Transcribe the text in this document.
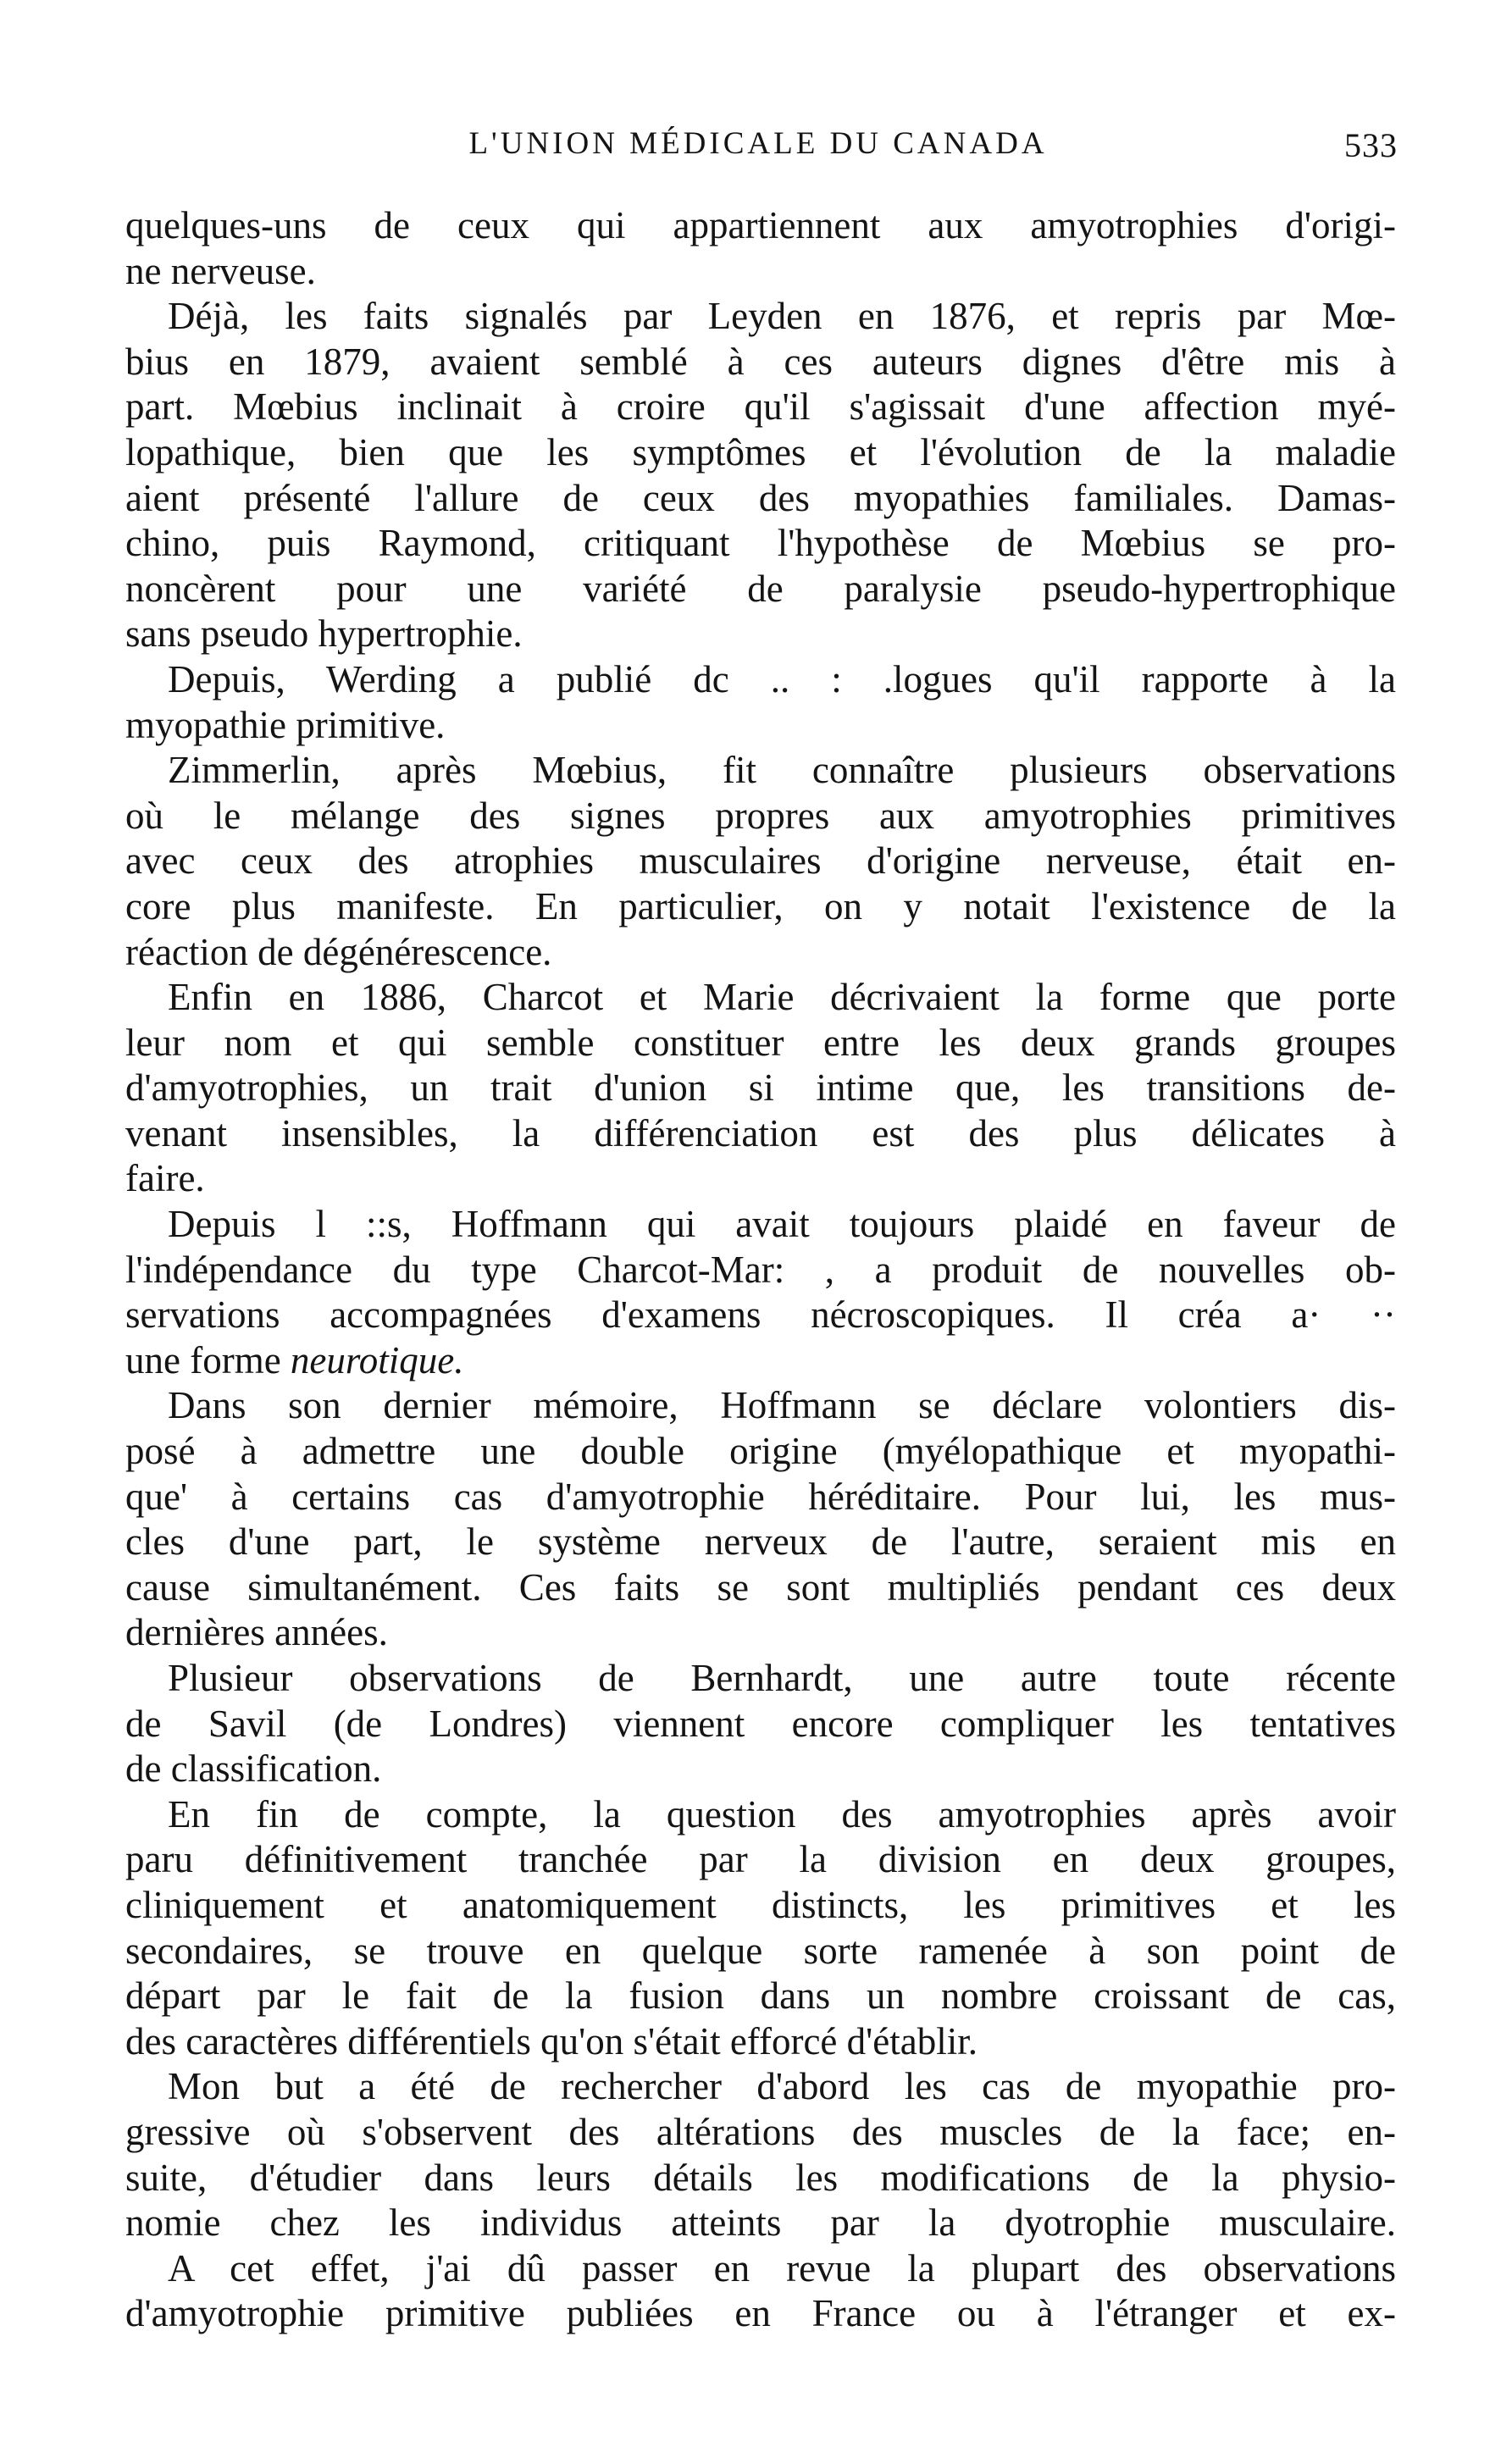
L'UNION MÉDICALE DU CANADA	533
quelques-uns de ceux qui appartiennent aux amyotrophies d'origi-
ne nerveuse.
Déjà, les faits signalés par Leyden en 1876, et repris par Mœ-
bius en 1879, avaient semblé à ces auteurs dignes d'être mis à
part. Mœbius inclinait à croire qu'il s'agissait d'une affection myé-
lopathique, bien que les symptômes et l'évolution de la maladie
aient présenté l'allure de ceux des myopathies familiales. Damas-
chino, puis Raymond, critiquant l'hypothèse de Mœbius se pro-
noncèrent pour une variété de paralysie pseudo-hypertrophique
sans pseudo hypertrophie.
Depuis, Werding a publié dc .. : .logues qu'il rapporte à la
myopathie primitive.
Zimmerlin, après Mœbius, fit connaître plusieurs observations
où le mélange des signes propres aux amyotrophies primitives
avec ceux des atrophies musculaires d'origine nerveuse, était en-
core plus manifeste. En particulier, on y notait l'existence de la
réaction de dégénérescence.
Enfin en 1886, Charcot et Marie décrivaient la forme que porte
leur nom et qui semble constituer entre les deux grands groupes
d'amyotrophies, un trait d'union si intime que, les transitions de-
venant insensibles, la différenciation est des plus délicates à
faire.
Depuis l ::s, Hoffmann qui avait toujours plaidé en faveur de
l'indépendance du type Charcot-Mar: , a produit de nouvelles ob-
servations accompagnées d'examens nécroscopiques. Il créa a· ··
une forme neurotique.
Dans son dernier mémoire, Hoffmann se déclare volontiers dis-
posé à admettre une double origine (myélopathique et myopathi-
que' à certains cas d'amyotrophie héréditaire. Pour lui, les mus-
cles d'une part, le système nerveux de l'autre, seraient mis en
cause simultanément. Ces faits se sont multipliés pendant ces deux
dernières années.
Plusieur observations de Bernhardt, une autre toute récente
de Savil (de Londres) viennent encore compliquer les tentatives
de classification.
En fin de compte, la question des amyotrophies après avoir
paru définitivement tranchée par la division en deux groupes,
cliniquement et anatomiquement distincts, les primitives et les
secondaires, se trouve en quelque sorte ramenée à son point de
départ par le fait de la fusion dans un nombre croissant de cas,
des caractères différentiels qu'on s'était efforcé d'établir.
Mon but a été de rechercher d'abord les cas de myopathie pro-
gressive où s'observent des altérations des muscles de la face; en-
suite, d'étudier dans leurs détails les modifications de la physio-
nomie chez les individus atteints par la dyotrophie musculaire.
A cet effet, j'ai dû passer en revue la plupart des observations
d'amyotrophie primitive publiées en France ou à l'étranger et ex-
